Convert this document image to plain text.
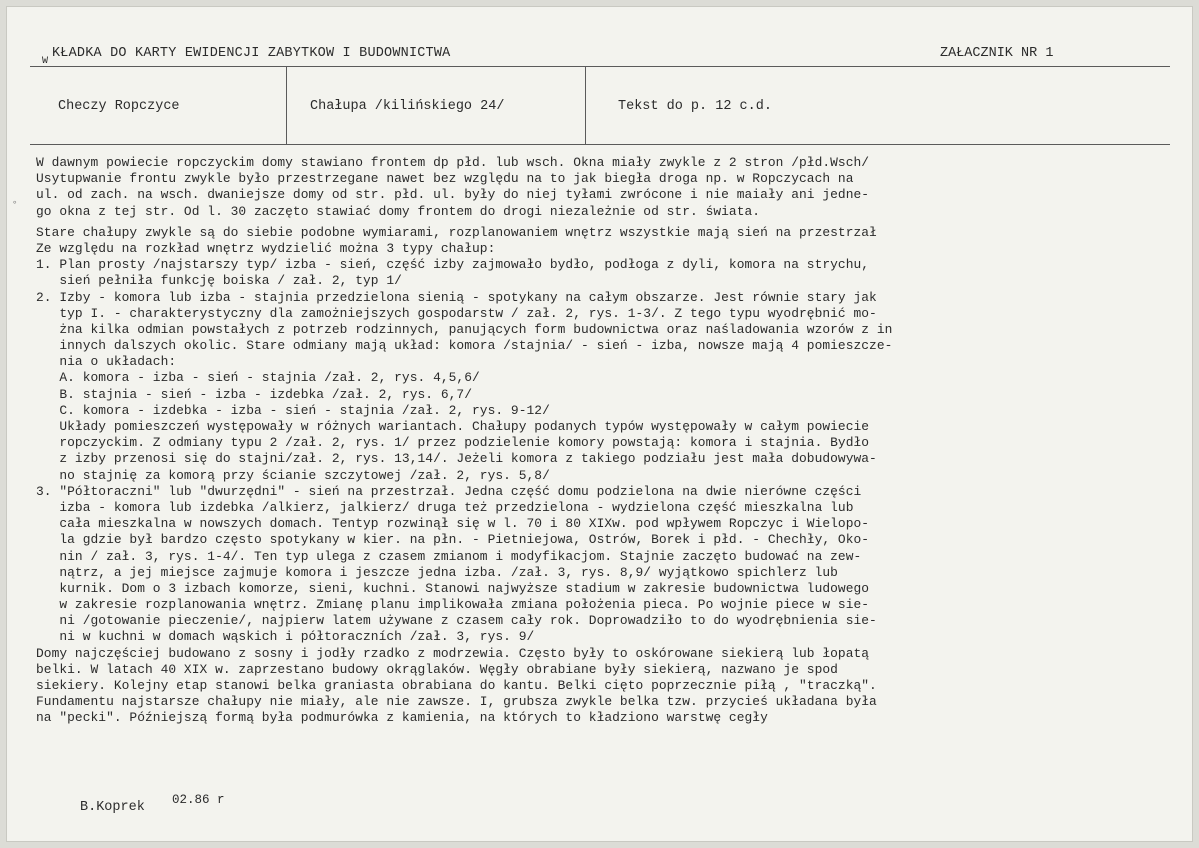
W
KŁADKA DO KARTY EWIDENCJI ZABYTKOW I BUDOWNICTWA	ZAŁACZNIK NR 1
Checzy Ropczyce	Chałupa /kilińskiego 24/	Tekst do p. 12 c.d.
∘
W dawnym powiecie ropczyckim domy stawiano frontem dp płd. lub wsch. Okna miały zwykle z 2 stron /płd.Wsch/
Usytupwanie frontu zwykle było przestrzegane nawet bez względu na to jak biegła droga np. w Ropczycach na
ul. od zach. na wsch. dwaniejsze domy od str. płd. ul. były do niej tyłami zwrócone i nie maiały ani jedne-
go okna z tej str. Od l. 30 zaczęto stawiać domy frontem do drogi niezależnie od str. świata.
Stare chałupy zwykle są do siebie podobne wymiarami, rozplanowaniem wnętrz wszystkie mają sień na przestrzał
Ze względu na rozkład wnętrz wydzielić można 3 typy chałup:
1. Plan prosty /najstarszy typ/ izba - sień, część izby zajmowało bydło, podłoga z dyli, komora na strychu,
sień pełniła funkcję boiska / zał. 2, typ 1/
2. Izby - komora lub izba - stajnia przedzielona sienią - spotykany na całym obszarze. Jest równie stary jak
typ I. - charakterystyczny dla zamożniejszych gospodarstw / zał. 2, rys. 1-3/. Z tego typu wyodrębnić mo-
żna kilka odmian powstałych z potrzeb rodzinnych, panujących form budownictwa oraz naśladowania wzorów z in
innych dalszych okolic. Stare odmiany mają układ: komora /stajnia/ - sień - izba, nowsze mają 4 pomieszcze-
nia o układach:
A. komora - izba - sień - stajnia /zał. 2, rys. 4,5,6/
B. stajnia - sień - izba - izdebka /zał. 2, rys. 6,7/
C. komora - izdebka - izba - sień - stajnia /zał. 2, rys. 9-12/
Układy pomieszczeń występowały w różnych wariantach. Chałupy podanych typów występowały w całym powiecie
ropczyckim. Z odmiany typu 2 /zał. 2, rys. 1/ przez podzielenie komory powstają: komora i stajnia. Bydło
z izby przenosi się do stajni/zał. 2, rys. 13,14/. Jeżeli komora z takiego podziału jest mała dobudowywa-
no stajnię za komorą przy ścianie szczytowej /zał. 2, rys. 5,8/
3. "Półtoraczni" lub "dwurzędni" - sień na przestrzał. Jedna część domu podzielona na dwie nierówne części
izba - komora lub izdebka /alkierz, jalkierz/ druga też przedzielona - wydzielona część mieszkalna lub
cała mieszkalna w nowszych domach. Tentyp rozwinął się w l. 70 i 80 XIXw. pod wpływem Ropczyc i Wielopo-
la gdzie był bardzo często spotykany w kier. na płn. - Pietniejowa, Ostrów, Borek i płd. - Chechły, Oko-
nin / zał. 3, rys. 1-4/. Ten typ ulega z czasem zmianom i modyfikacjom. Stajnie zaczęto budować na zew-
nątrz, a jej miejsce zajmuje komora i jeszcze jedna izba. /zał. 3, rys. 8,9/ wyjątkowo spichlerz lub
kurnik. Dom o 3 izbach komorze, sieni, kuchni. Stanowi najwyższe stadium w zakresie budownictwa ludowego
w zakresie rozplanowania wnętrz. Zmianę planu implikowała zmiana położenia pieca. Po wojnie piece w sie-
ni /gotowanie pieczenie/, najpierw latem używane z czasem cały rok. Doprowadziło to do wyodrębnienia sie-
ni w kuchni w domach wąskich i półtoraczních /zał. 3, rys. 9/
Domy najczęściej budowano z sosny i jodły rzadko z modrzewia. Często były to oskórowane siekierą lub łopatą
belki. W latach 40 XIX w. zaprzestano budowy okrąglaków. Węgły obrabiane były siekierą, nazwano je spod
siekiery. Kolejny etap stanowi belka graniasta obrabiana do kantu. Belki cięto poprzecznie piłą , "traczką".
Fundamentu najstarsze chałupy nie miały, ale nie zawsze. I, grubsza zwykle belka tzw. przycieś układana była
na "pecki". Późniejszą formą była podmurówka z kamienia, na których to kładziono warstwę cegły
B.Koprek 02.86 r
